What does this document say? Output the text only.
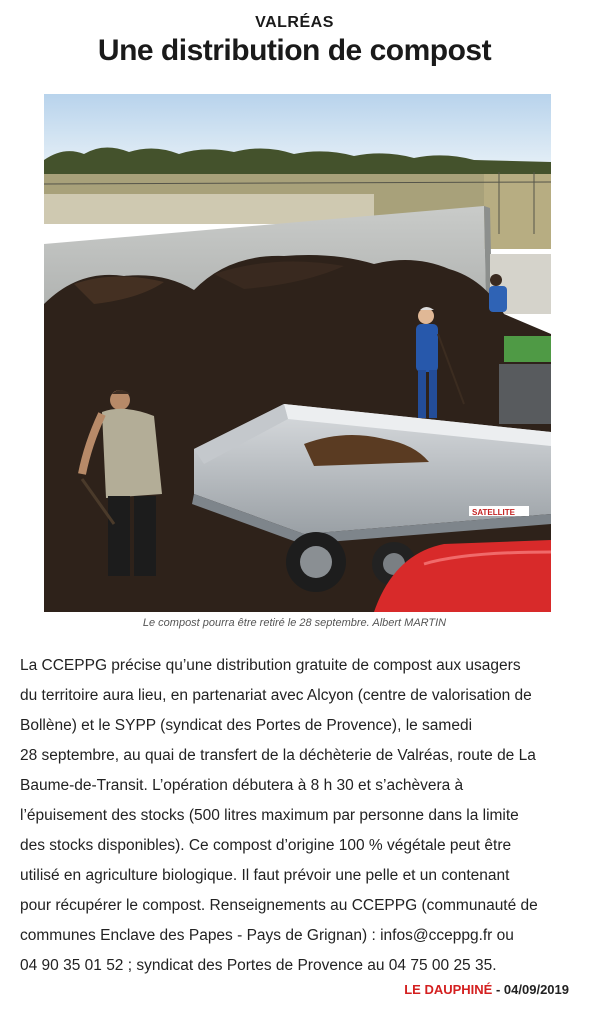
VALRÉAS
Une distribution de compost
SATELLITE
Le compost pourra être retiré le 28 septembre. Albert MARTIN
La CCEPPG précise qu’une distribution gratuite de compost aux usagers
du territoire aura lieu, en partenariat avec Alcyon (centre de valorisation de
Bollène) et le SYPP (syndicat des Portes de Provence), le samedi
28 septembre, au quai de transfert de la déchèterie de Valréas, route de La
Baume-de-Transit. L’opération débutera à 8 h 30 et s’achèvera à
l’épuisement des stocks (500 litres maximum par personne dans la limite
des stocks disponibles). Ce compost d’origine 100 % végétale peut être
utilisé en agriculture biologique. Il faut prévoir une pelle et un contenant
pour récupérer le compost. Renseignements au CCEPPG (communauté de
communes Enclave des Papes - Pays de Grignan) : infos@cceppg.fr ou
04 90 35 01 52 ; syndicat des Portes de Provence au 04 75 00 25 35.
LE DAUPHINÉ - 04/09/2019
